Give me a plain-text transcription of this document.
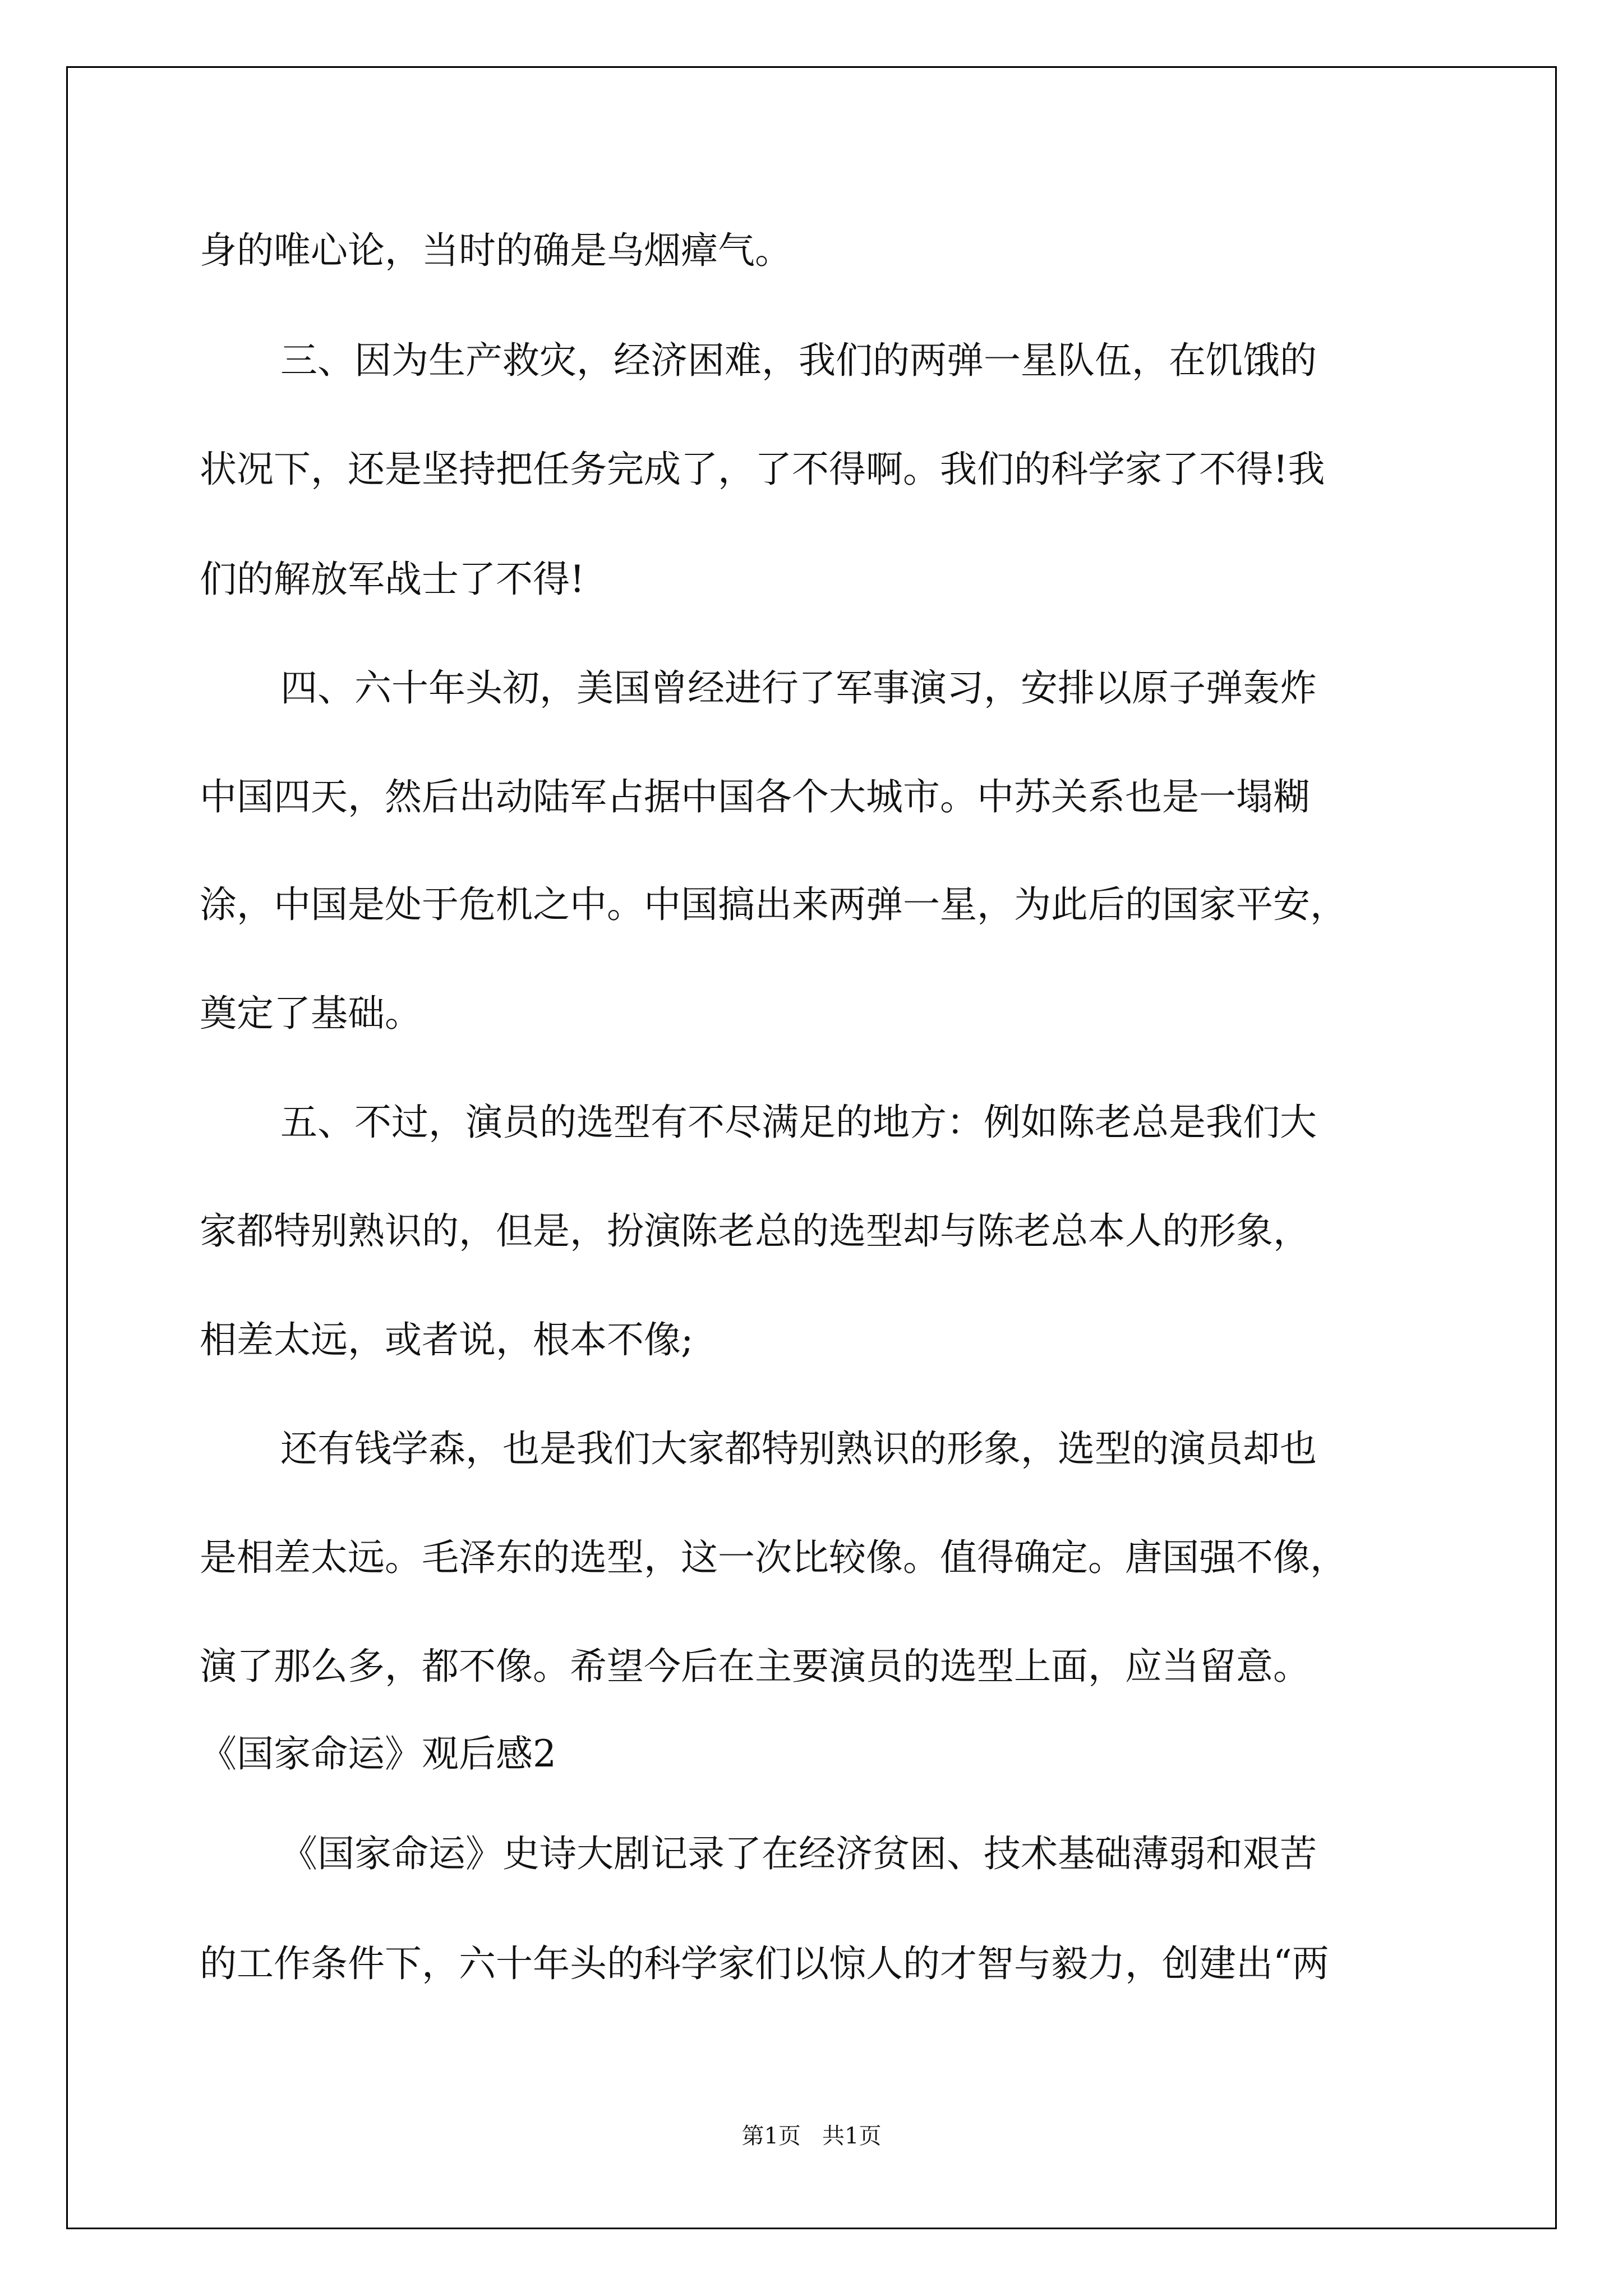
身的唯心论，当时的确是乌烟瘴气。

三、因为生产救灾，经济困难，我们的两弹一星队伍，在饥饿的

状况下，还是坚持把任务完成了，了不得啊。我们的科学家了不得!我

们的解放军战士了不得!

四、六十年头初，美国曾经进行了军事演习，安排以原子弹轰炸

中国四天，然后出动陆军占据中国各个大城市。中苏关系也是一塌糊

涂，中国是处于危机之中。中国搞出来两弹一星，为此后的国家平安，

奠定了基础。

五、不过，演员的选型有不尽满足的地方：例如陈老总是我们大

家都特别熟识的，但是，扮演陈老总的选型却与陈老总本人的形象，

相差太远，或者说，根本不像;

还有钱学森，也是我们大家都特别熟识的形象，选型的演员却也

是相差太远。毛泽东的选型，这一次比较像。值得确定。唐国强不像，

演了那么多，都不像。希望今后在主要演员的选型上面，应当留意。

《国家命运》观后感2

《国家命运》史诗大剧记录了在经济贫困、技术基础薄弱和艰苦

的工作条件下，六十年头的科学家们以惊人的才智与毅力，创建出“两

第1页   共1页
